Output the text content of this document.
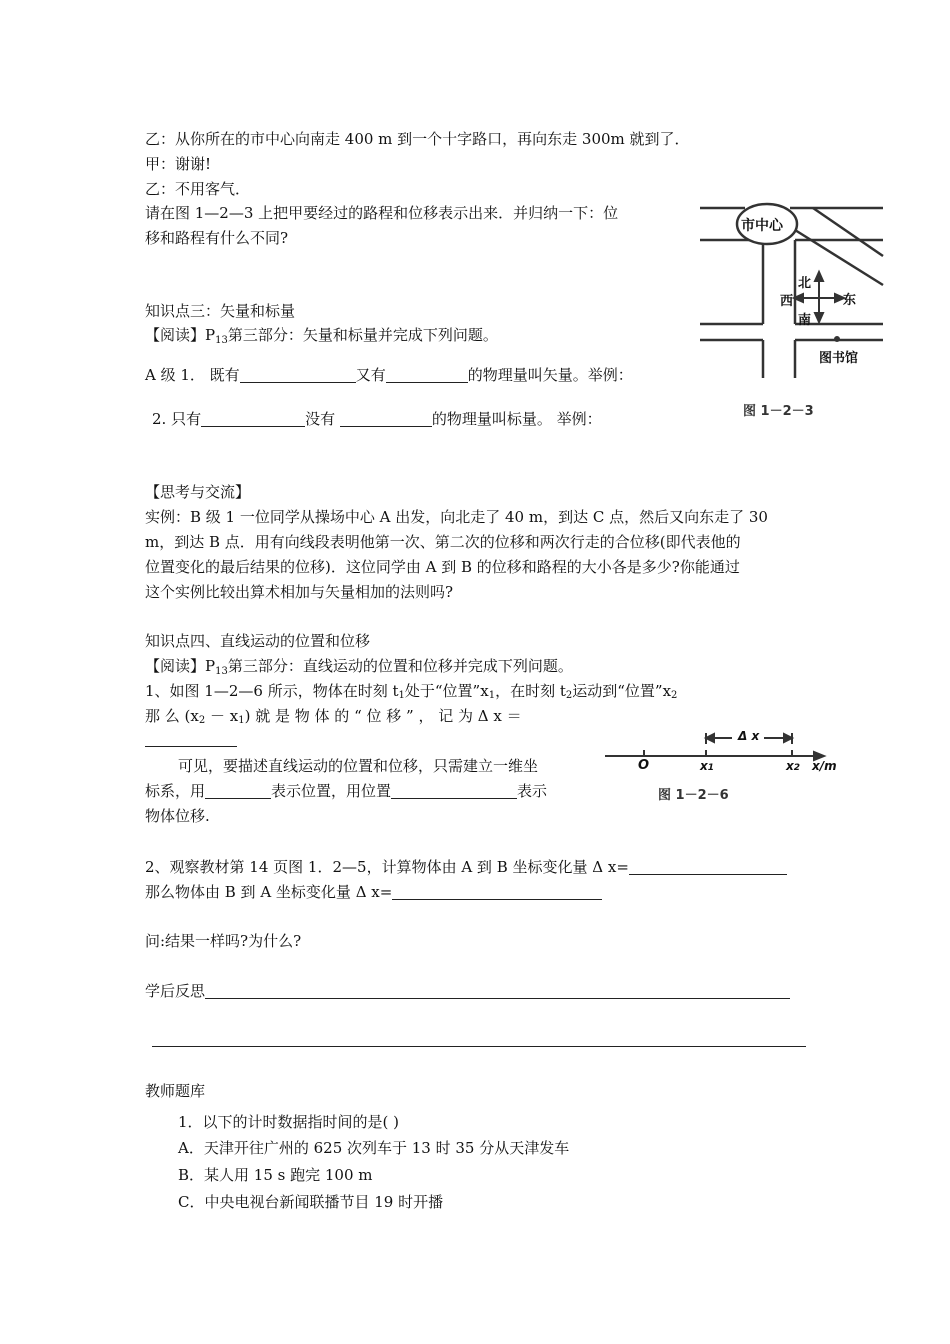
乙：从你所在的市中心向南走 400 m 到一个十字路口，再向东走 300m 就到了．
甲：谢谢!
乙：不用客气．
请在图 1—2—3 上把甲要经过的路程和位移表示出来．并归纳一下：位
移和路程有什么不同?
市中心
北
西	东
南
图书馆
图 1－2－3
知识点三：矢量和标量
【阅读】$P_{13}$第三部分：矢量和标量并完成下列问题。
A 级 1． 既有	又有	的物理量叫矢量。举例：
2. 只有	没有	的物理量叫标量。 举例：
【思考与交流】
实例：B 级 1 一位同学从操场中心 A 出发，向北走了 40 m，到达 C 点，然后又向东走了 30
m，到达 B 点．用有向线段表明他第一次、第二次的位移和两次行走的合位移(即代表他的
位置变化的最后结果的位移)．这位同学由 A 到 B 的位移和路程的大小各是多少?你能通过
这个实例比较出算术相加与矢量相加的法则吗?
知识点四、直线运动的位置和位移
【阅读】$P_{13}$第三部分：直线运动的位置和位移并完成下列问题。
1、如图 1—2—6 所示，物体在时刻 t1处于“位置”x1，在时刻 t2运动到“位置”x2
那 么 (x2 － x1) 就 是 物 体 的 “ 位 移 ” ， 记 为 Δ x ＝
可见，要描述直线运动的位置和位移，只需建立一维坐
标系，用	表示位置，用位置	表示
物体位移.
Δ x
O	x1	x2 x/m
图 1－2－6
2、观察教材第 14 页图 1．2—5，计算物体由 A 到 B 坐标变化量 Δ x=
那么物体由 B 到 A 坐标变化量 Δ x=
问:结果一样吗?为什么?
学后反思
教师题库
1．以下的计时数据指时间的是( )
A．天津开往广州的 625 次列车于 13 时 35 分从天津发车
B．某人用 15 s 跑完 100 m
C．中央电视台新闻联播节目 19 时开播
